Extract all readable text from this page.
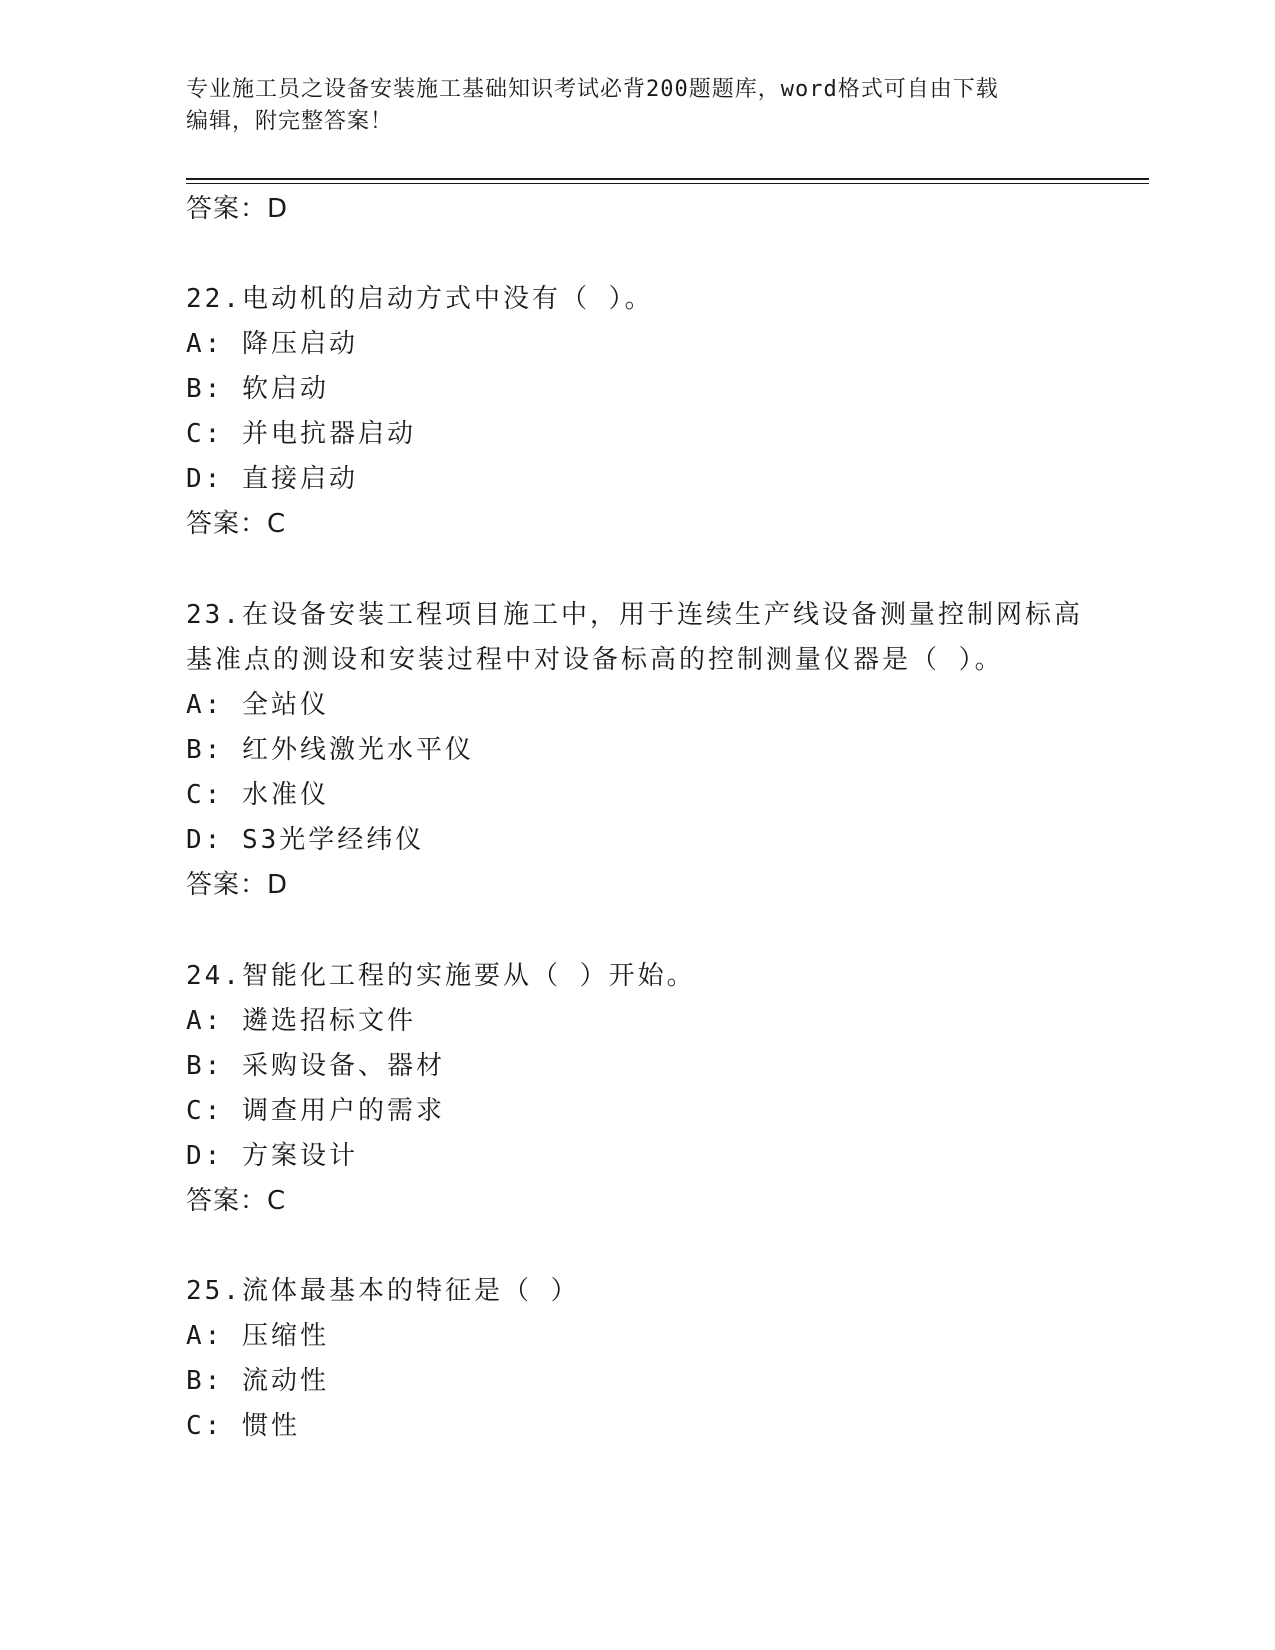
专业施工员之设备安装施工基础知识考试必背200题题库，word格式可自由下载
编辑，附完整答案！
答案：D
22.电动机的启动方式中没有（ ）。
A: 降压启动
B: 软启动
C: 并电抗器启动
D: 直接启动
答案：C
23.在设备安装工程项目施工中，用于连续生产线设备测量控制网标高
基准点的测设和安装过程中对设备标高的控制测量仪器是（ ）。
A: 全站仪
B: 红外线激光水平仪
C: 水准仪
D: S3光学经纬仪
答案：D
24.智能化工程的实施要从（ ）开始。
A: 遴选招标文件
B: 采购设备、器材
C: 调查用户的需求
D: 方案设计
答案：C
25.流体最基本的特征是（ ）
A: 压缩性
B: 流动性
C: 惯性
